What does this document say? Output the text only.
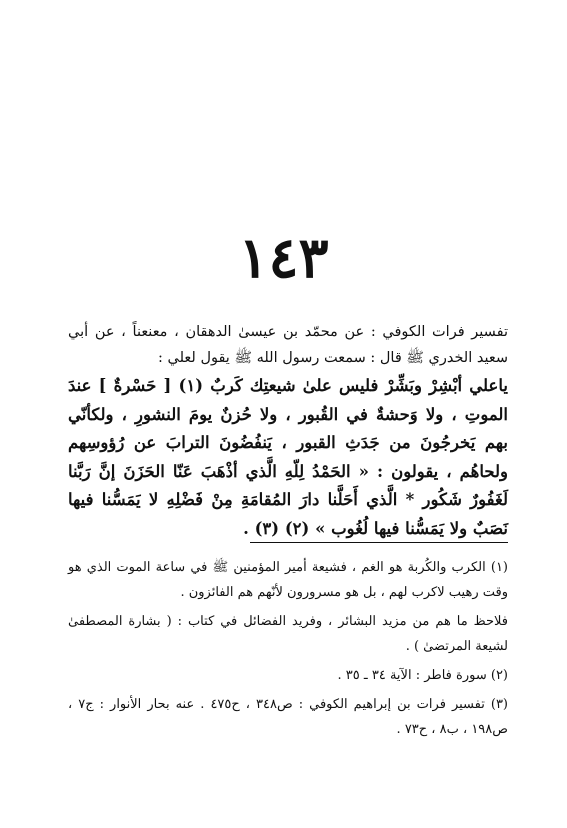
١٤٣
تفسير فرات الكوفي : عن محمّد بن عيسىٰ الدهقان ، معنعناً ، عن أبي سعيد الخدري ﷺ قال : سمعت رسول الله ﷺ يقول لعلي :
ياعلي أبْشِرْ وبَشِّرْ فليس علىٰ شيعتِك كَربٌ (١) [ حَسْرةٌ ] عندَ الموتِ ، ولا وَحشةٌ في القُبور ، ولا حُزنٌ يومَ النشورِ ، ولكأنّي بهم يَخرجُونَ من جَدَثِ القبور ، يَنفُضُونَ الترابَ عن رُؤوسِهم ولحاهُم ، يقولون : « الحَمْدُ لِلّهِ الَّذي أذْهَبَ عَنّا الحَزَنَ إنَّ رَبَّنا لَغَفُورٌ شَكُور * الَّذي أَحَلَّنا دارَ المُقامَةِ مِنْ فَضْلِهِ لا يَمَسُّنا فيها نَصَبٌ ولا يَمَسُّنا فيها لُغُوب » (٢) (٣) .

(١) الكرب والكُربة هو الغم ، فشيعة أمير المؤمنين ﷺ في ساعة الموت الذي هو وقت رهيب لاكرب لهم ، بل هو مسرورون لأنّهم هم الفائزون .

فلاحظ ما هم من مزيد البشائر ، وفريد الفضائل في كتاب : ( بشارة المصطفىٰ لشيعة المرتضىٰ ) .

(٢) سورة فاطر : الآية ٣٤ ـ ٣٥ .

(٣) تفسير فرات بن إبراهيم الكوفي : ص٣٤٨ ، ح٤٧٥ . عنه بحار الأنوار : ج٧ ، ص١٩٨ ، ب٨ ، ح٧٣ .
